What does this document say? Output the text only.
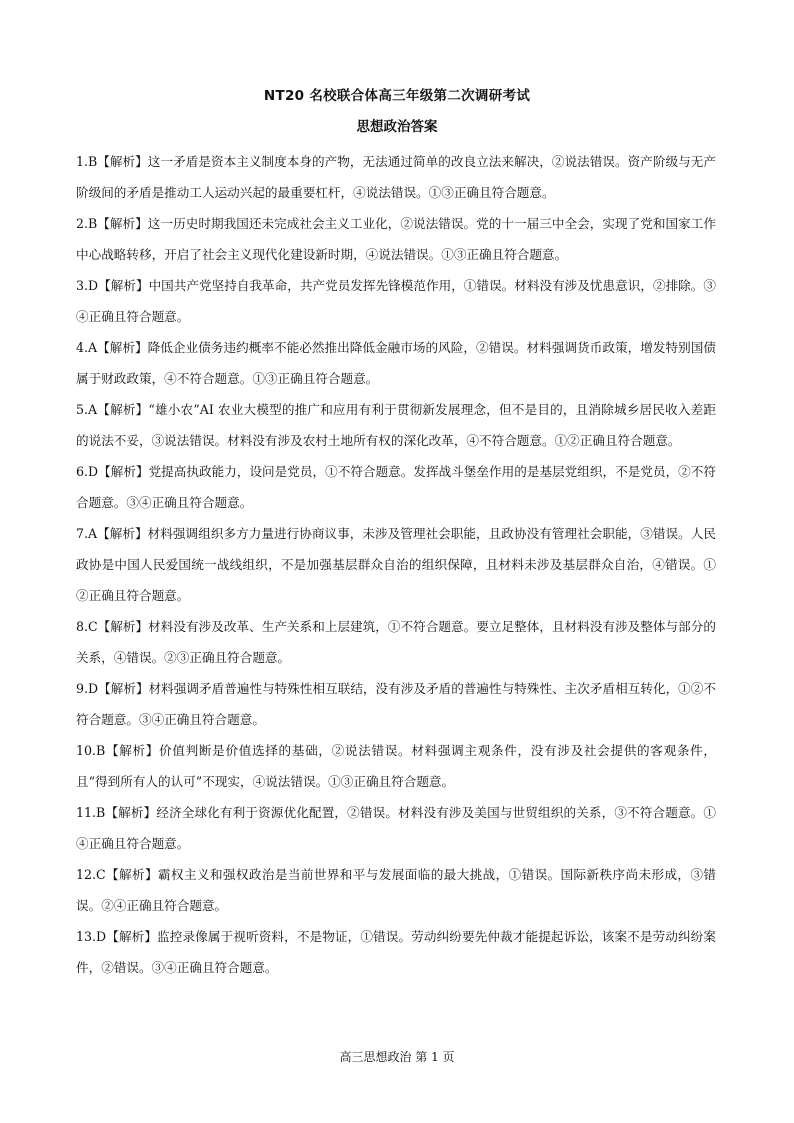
NT20 名校联合体高三年级第二次调研考试
思想政治答案

1.B【解析】这一矛盾是资本主义制度本身的产物，无法通过简单的改良立法来解决，②说法错误。资产阶级与无产阶级间的矛盾是推动工人运动兴起的最重要杠杆，④说法错误。①③正确且符合题意。

2.B【解析】这一历史时期我国还未完成社会主义工业化，②说法错误。党的十一届三中全会，实现了党和国家工作中心战略转移，开启了社会主义现代化建设新时期，④说法错误。①③正确且符合题意。

3.D【解析】中国共产党坚持自我革命，共产党员发挥先锋模范作用，①错误。材料没有涉及忧患意识，②排除。③④正确且符合题意。

4.A【解析】降低企业债务违约概率不能必然推出降低金融市场的风险，②错误。材料强调货币政策，增发特别国债属于财政政策，④不符合题意。①③正确且符合题意。

5.A【解析】“雄小农”AI 农业大模型的推广和应用有利于贯彻新发展理念，但不是目的，且消除城乡居民收入差距的说法不妥，③说法错误。材料没有涉及农村土地所有权的深化改革，④不符合题意。①②正确且符合题意。

6.D【解析】党提高执政能力，设问是党员，①不符合题意。发挥战斗堡垒作用的是基层党组织，不是党员，②不符合题意。③④正确且符合题意。

7.A【解析】材料强调组织多方力量进行协商议事，未涉及管理社会职能，且政协没有管理社会职能，③错误。人民政协是中国人民爱国统一战线组织，不是加强基层群众自治的组织保障，且材料未涉及基层群众自治，④错误。①②正确且符合题意。

8.C【解析】材料没有涉及改革、生产关系和上层建筑，①不符合题意。要立足整体，且材料没有涉及整体与部分的关系，④错误。②③正确且符合题意。

9.D【解析】材料强调矛盾普遍性与特殊性相互联结，没有涉及矛盾的普遍性与特殊性、主次矛盾相互转化，①②不符合题意。③④正确且符合题意。

10.B【解析】价值判断是价值选择的基础，②说法错误。材料强调主观条件，没有涉及社会提供的客观条件，且“得到所有人的认可”不现实，④说法错误。①③正确且符合题意。

11.B【解析】经济全球化有利于资源优化配置，②错误。材料没有涉及美国与世贸组织的关系，③不符合题意。①④正确且符合题意。

12.C【解析】霸权主义和强权政治是当前世界和平与发展面临的最大挑战，①错误。国际新秩序尚未形成，③错误。②④正确且符合题意。

13.D【解析】监控录像属于视听资料，不是物证，①错误。劳动纠纷要先仲裁才能提起诉讼，该案不是劳动纠纷案件，②错误。③④正确且符合题意。

高三思想政治 第 1 页
